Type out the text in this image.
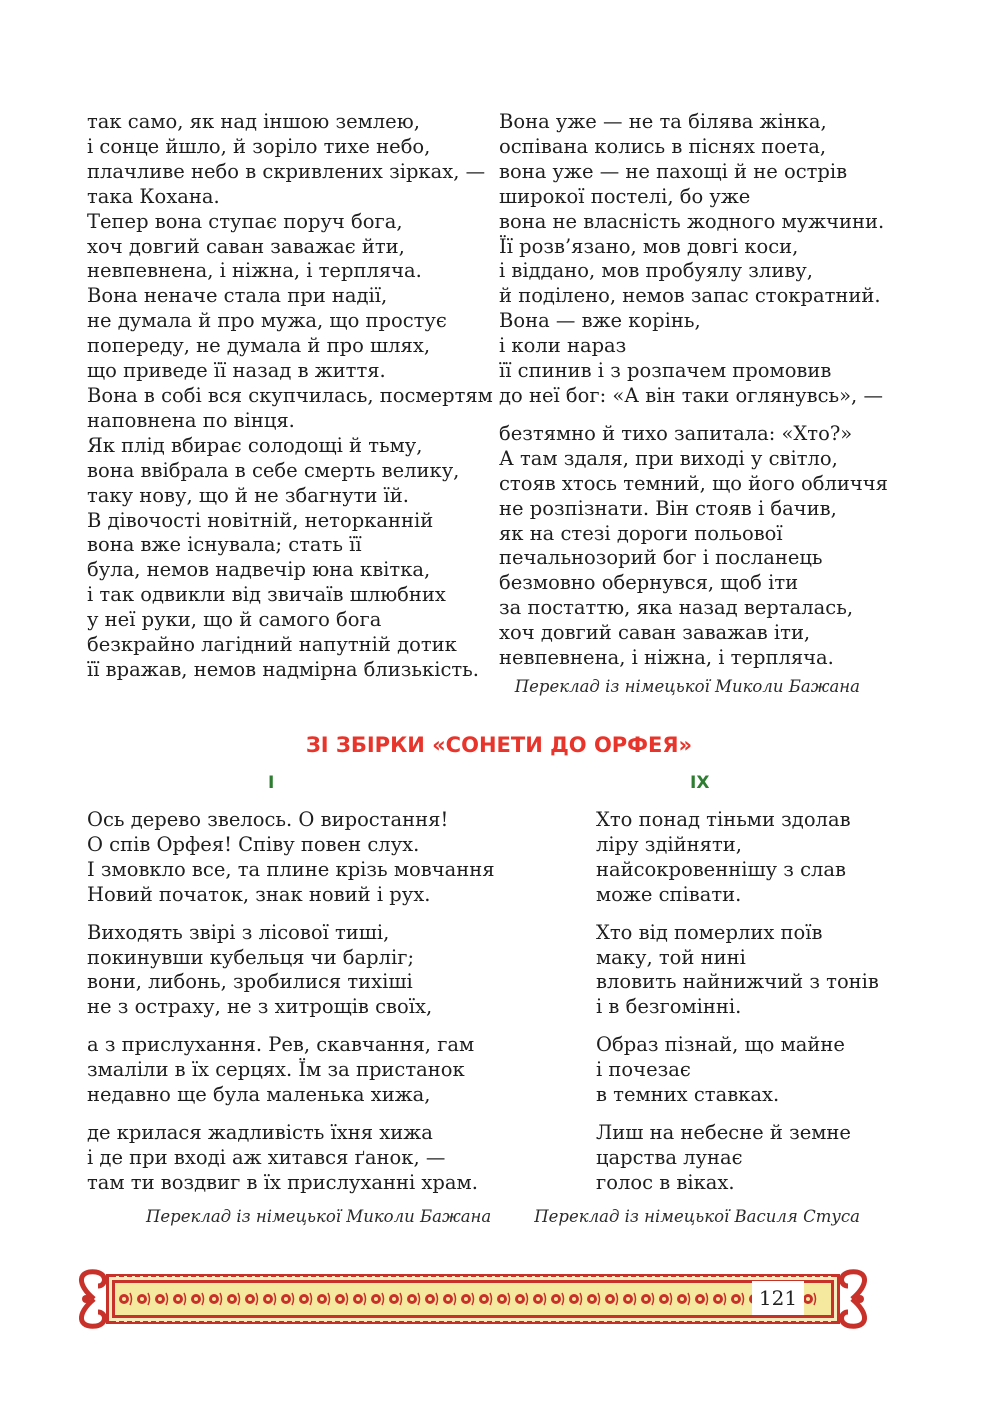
так само, як над іншою землею,
і сонце йшло, й зоріло тихе небо,
плачливе небо в скривлених зірках, —
така Кохана.
Тепер вона ступає поруч бога,
хоч довгий саван заважає йти,
невпевнена, і ніжна, і терпляча.
Вона неначе стала при надії,
не думала й про мужа, що простує
попереду, не думала й про шлях,
що приведе її назад в життя.
Вона в собі вся скупчилась, посмертям
наповнена по вінця.
Як плід вбирає солодощі й тьму,
вона ввібрала в себе смерть велику,
таку нову, що й не збагнути їй.
В дівочості новітній, неторканній
вона вже існувала; стать її
була, немов надвечір юна квітка,
і так одвикли від звичаїв шлюбних
у неї руки, що й самого бога
безкрайно лагідний напутній дотик
її вражав, немов надмірна близькість.
Вона уже — не та білява жінка,
оспівана колись в піснях поета,
вона уже — не пахощі й не острів
широкої постелі, бо уже
вона не власність жодного мужчини.
Її розв’язано, мов довгі коси,
і віддано, мов пробуялу зливу,
й поділено, немов запас стократний.
Вона — вже корінь,
і коли нараз
її спинив і з розпачем промовив
до неї бог: «А він таки оглянувсь», —
безтямно й тихо запитала: «Хто?»
А там здаля, при виході у світло,
стояв хтось темний, що його обличчя
не розпізнати. Він стояв і бачив,
як на стезі дороги польової
печальнозорий бог і посланець
безмовно обернувся, щоб іти
за постаттю, яка назад верталась,
хоч довгий саван заважав іти,
невпевнена, і ніжна, і терпляча.
Переклад із німецької Миколи Бажана
ЗІ ЗБІРКИ «СОНЕТИ ДО ОРФЕЯ»
I	IX
Ось дерево звелось. О виростання!
О спів Орфея! Співу повен слух.
І змовкло все, та плине крізь мовчання
Новий початок, знак новий і рух.
Виходять звірі з лісової тиші,
покинувши кубельця чи барліг;
вони, либонь, зробилися тихіші
не з остраху, не з хитрощів своїх,
а з прислухання. Рев, скавчання, гам
змаліли в їх серцях. Їм за пристанок
недавно ще була маленька хижа,
де крилася жадливість їхня хижа
і де при вході аж хитався ґанок, —
там ти воздвиг в їх прислуханні храм.
Переклад із німецької Миколи Бажана
Хто понад тіньми здолав
ліру здійняти,
найсокровеннішу з слав
може співати.
Хто від померлих поїв
маку, той нині
вловить найнижчий з тонів
і в безгомінні.
Образ пізнай, що майне
і почезає
в темних ставках.
Лиш на небесне й земне
царства лунає
голос в віках.
Переклад із німецької Василя Стуса
121
